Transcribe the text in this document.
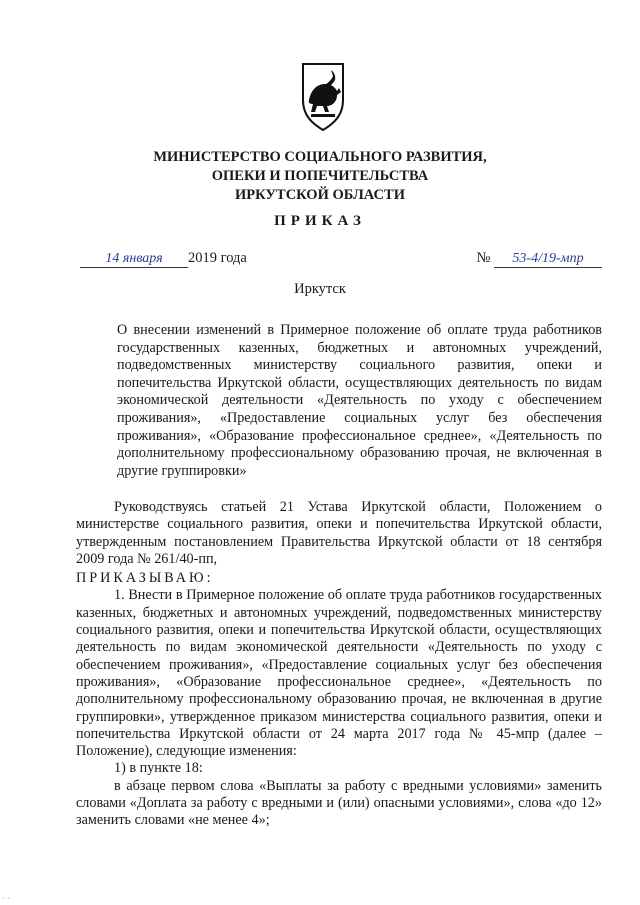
МИНИСТЕРСТВО СОЦИАЛЬНОГО РАЗВИТИЯ,
ОПЕКИ И ПОПЕЧИТЕЛЬСТВА
ИРКУТСКОЙ ОБЛАСТИ
ПРИКАЗ
14 января 2019 года	№ 53-4/19-мпр
Иркутск
О внесении изменений в Примерное положение об оплате труда работников государственных казенных, бюджетных и автономных учреждений, подведомственных министерству социального развития, опеки и попечительства Иркутской области, осуществляющих деятельность по видам экономической деятельности «Деятельность по уходу с обеспечением проживания», «Предоставление социальных услуг без обеспечения проживания», «Образование профессиональное среднее», «Деятельность по дополнительному профессиональному образованию прочая, не включенная в другие группировки»

Руководствуясь статьей 21 Устава Иркутской области, Положением о министерстве социального развития, опеки и попечительства Иркутской области, утвержденным постановлением Правительства Иркутской области от 18 сентября 2009 года № 261/40-пп,

ПРИКАЗЫВАЮ:

1. Внести в Примерное положение об оплате труда работников государственных казенных, бюджетных и автономных учреждений, подведомственных министерству социального развития, опеки и попечительства Иркутской области, осуществляющих деятельность по видам экономической деятельности «Деятельность по уходу с обеспечением проживания», «Предоставление социальных услуг без обеспечения проживания», «Образование профессиональное среднее», «Деятельность по дополнительному профессиональному образованию прочая, не включенная в другие группировки», утвержденное приказом министерства социального развития, опеки и попечительства Иркутской области от 24 марта 2017 года № 45-мпр (далее – Положение), следующие изменения:

1) в пункте 18:

в абзаце первом слова «Выплаты за работу с вредными условиями» заменить словами «Доплата за работу с вредными и (или) опасными условиями», слова «до 12» заменить словами «не менее 4»;

· ·
